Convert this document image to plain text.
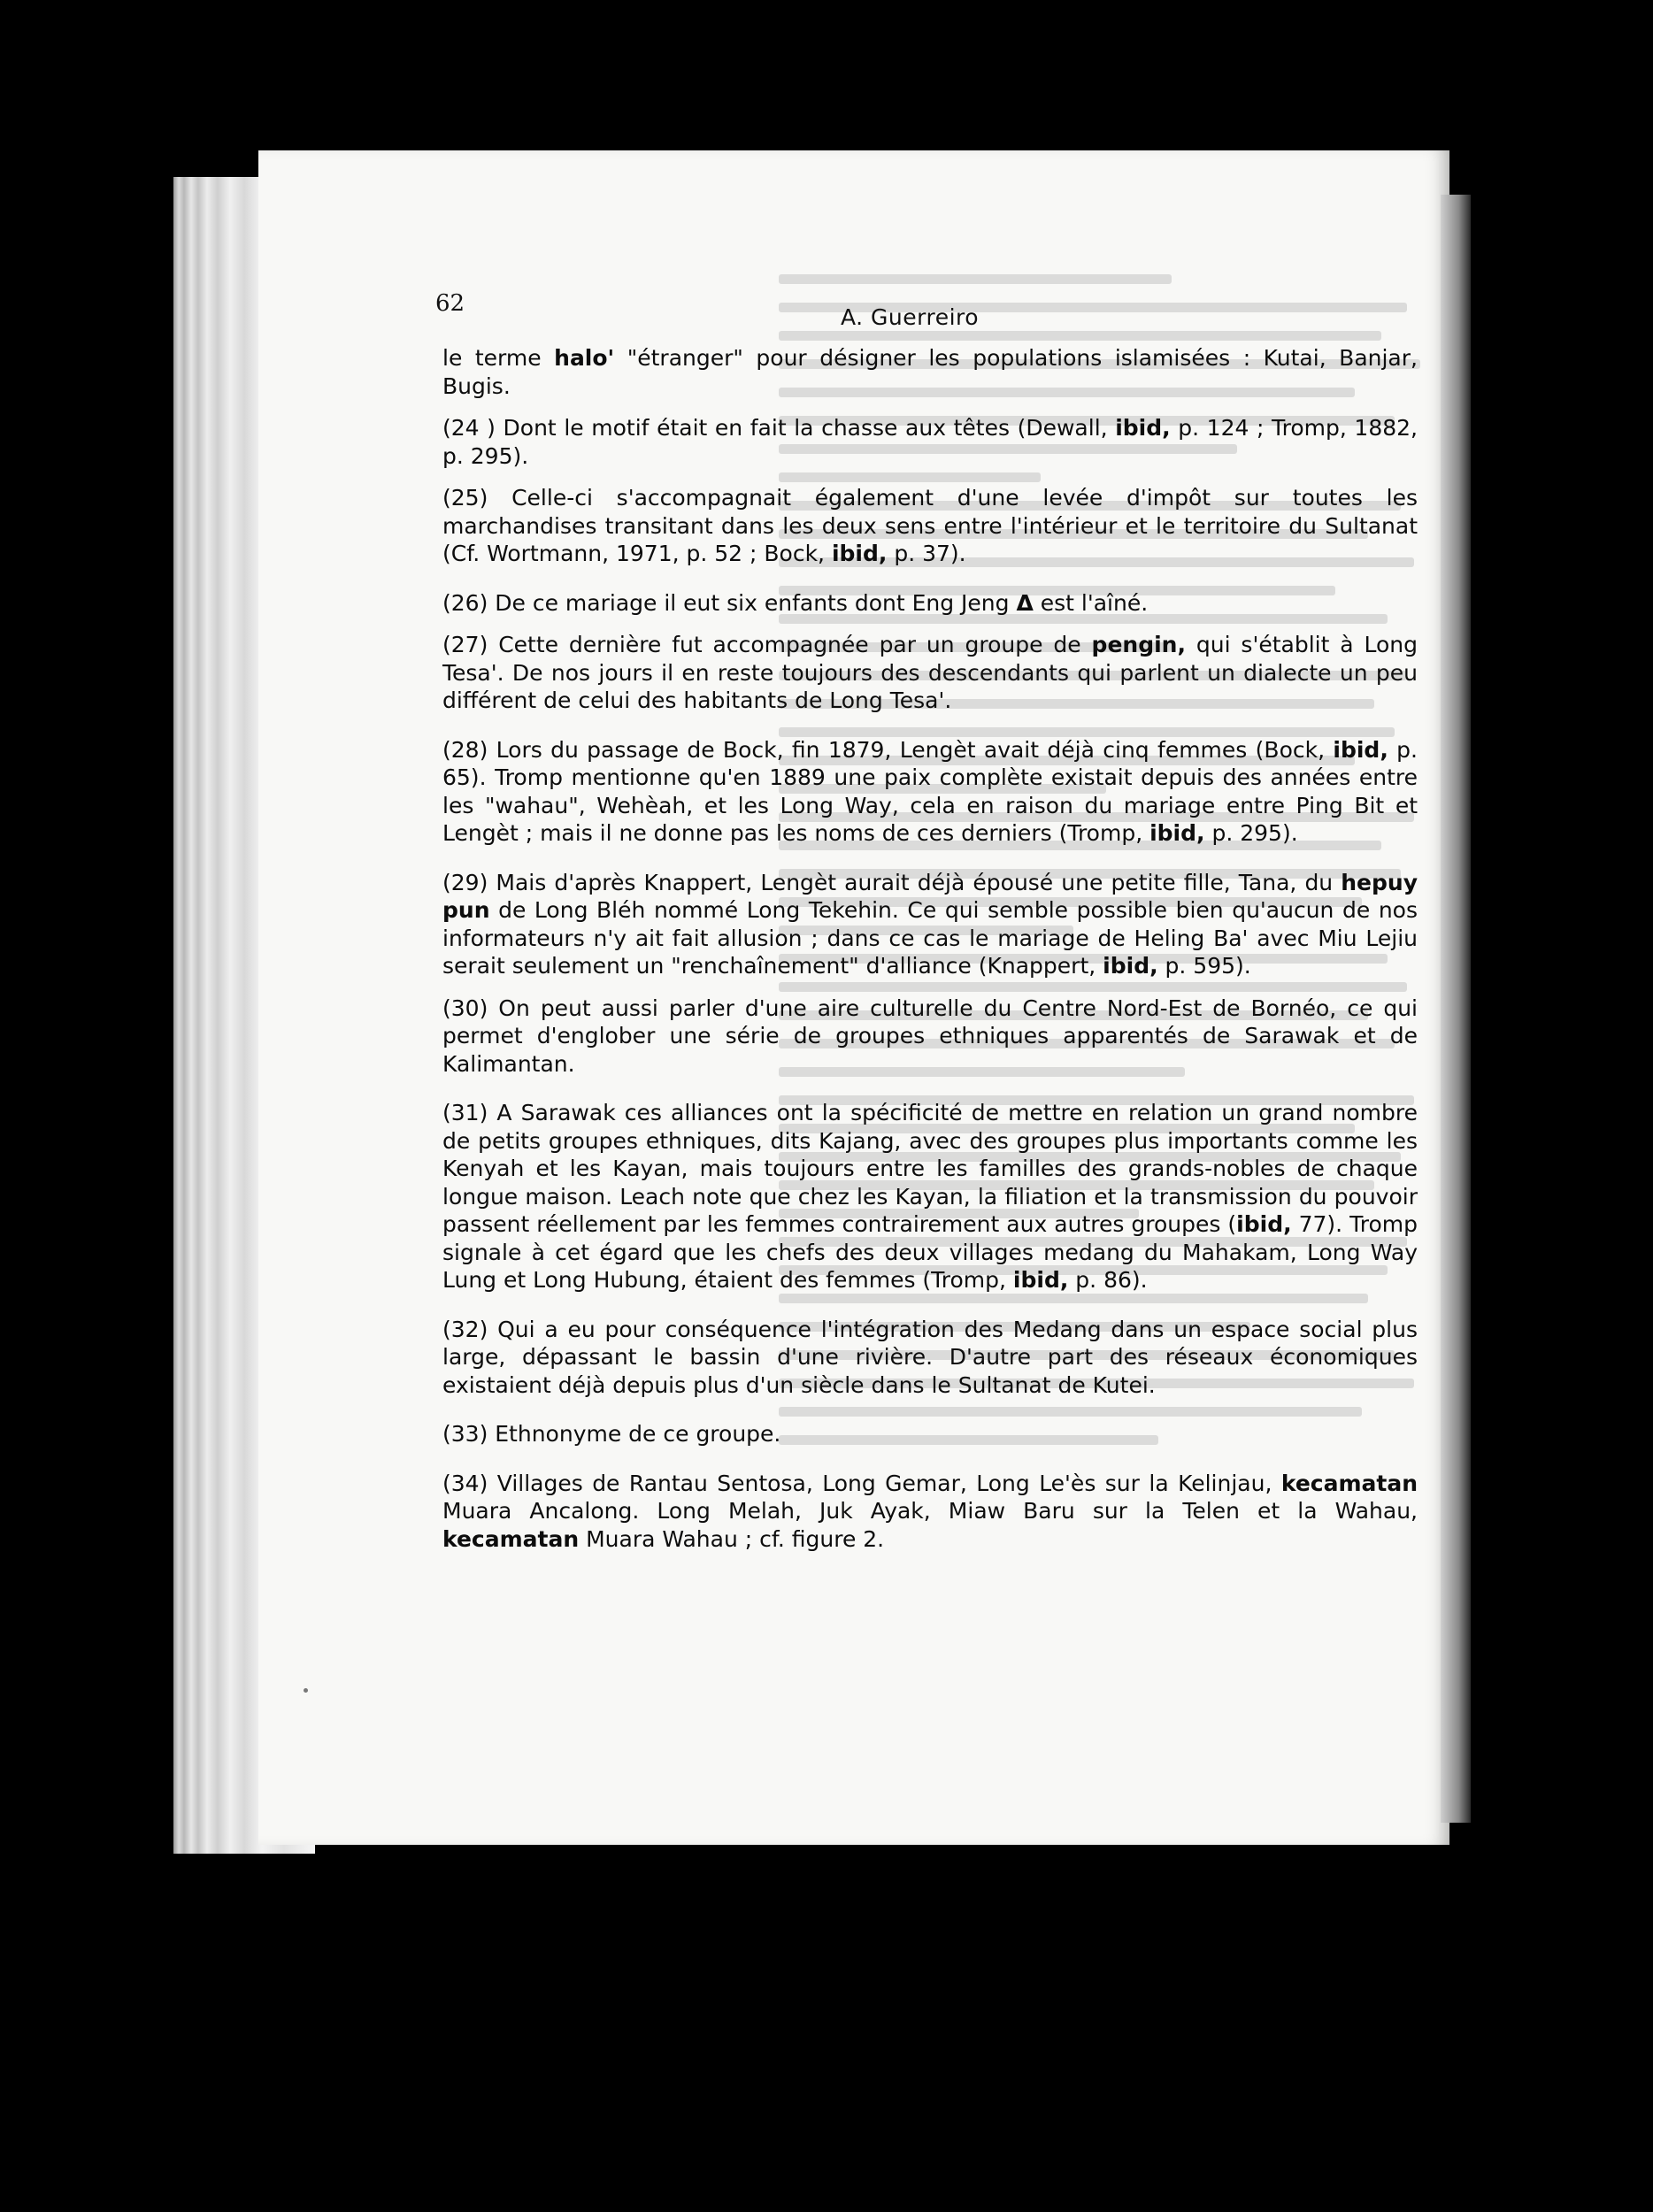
62
A. Guerreiro

le terme halo' "étranger" pour désigner les populations islamisées : Kutai, Banjar, Bugis.

(24 ) Dont le motif était en fait la chasse aux têtes (Dewall, ibid, p. 124 ; Tromp, 1882, p. 295).

(25) Celle-ci s'accompagnait également d'une levée d'impôt sur toutes les marchandises transitant dans les deux sens entre l'intérieur et le territoire du Sultanat (Cf. Wortmann, 1971, p. 52 ; Bock, ibid, p. 37).

(26) De ce mariage il eut six enfants dont Eng Jeng Δ est l'aîné.

(27) Cette dernière fut accompagnée par un groupe de pengin, qui s'établit à Long Tesa'. De nos jours il en reste toujours des descendants qui parlent un dialecte un peu différent de celui des habitants de Long Tesa'.

(28) Lors du passage de Bock, fin 1879, Lengèt avait déjà cinq femmes (Bock, ibid, p. 65). Tromp mentionne qu'en 1889 une paix complète existait depuis des années entre les "wahau", Wehèah, et les Long Way, cela en raison du mariage entre Ping Bit et Lengèt ; mais il ne donne pas les noms de ces derniers (Tromp, ibid, p. 295).

(29) Mais d'après Knappert, Lengèt aurait déjà épousé une petite fille, Tana, du hepuy pun de Long Bléh nommé Long Tekehin. Ce qui semble possible bien qu'aucun de nos informateurs n'y ait fait allusion ; dans ce cas le mariage de Heling Ba' avec Miu Lejiu serait seulement un "renchaînement" d'alliance (Knappert, ibid, p. 595).

(30) On peut aussi parler d'une aire culturelle du Centre Nord-Est de Bornéo, ce qui permet d'englober une série de groupes ethniques apparentés de Sarawak et de Kalimantan.

(31) A Sarawak ces alliances ont la spécificité de mettre en relation un grand nombre de petits groupes ethniques, dits Kajang, avec des groupes plus importants comme les Kenyah et les Kayan, mais toujours entre les familles des grands-nobles de chaque longue maison. Leach note que chez les Kayan, la filiation et la transmission du pouvoir passent réellement par les femmes contrairement aux autres groupes (ibid, 77). Tromp signale à cet égard que les chefs des deux villages medang du Mahakam, Long Way Lung et Long Hubung, étaient des femmes (Tromp, ibid, p. 86).

(32) Qui a eu pour conséquence l'intégration des Medang dans un espace social plus large, dépassant le bassin d'une rivière. D'autre part des réseaux économiques existaient déjà depuis plus d'un siècle dans le Sultanat de Kutei.

(33) Ethnonyme de ce groupe.

(34) Villages de Rantau Sentosa, Long Gemar, Long Le'ès sur la Kelinjau, kecamatan Muara Ancalong. Long Melah, Juk Ayak, Miaw Baru sur la Telen et la Wahau, kecamatan Muara Wahau ; cf. figure 2.
